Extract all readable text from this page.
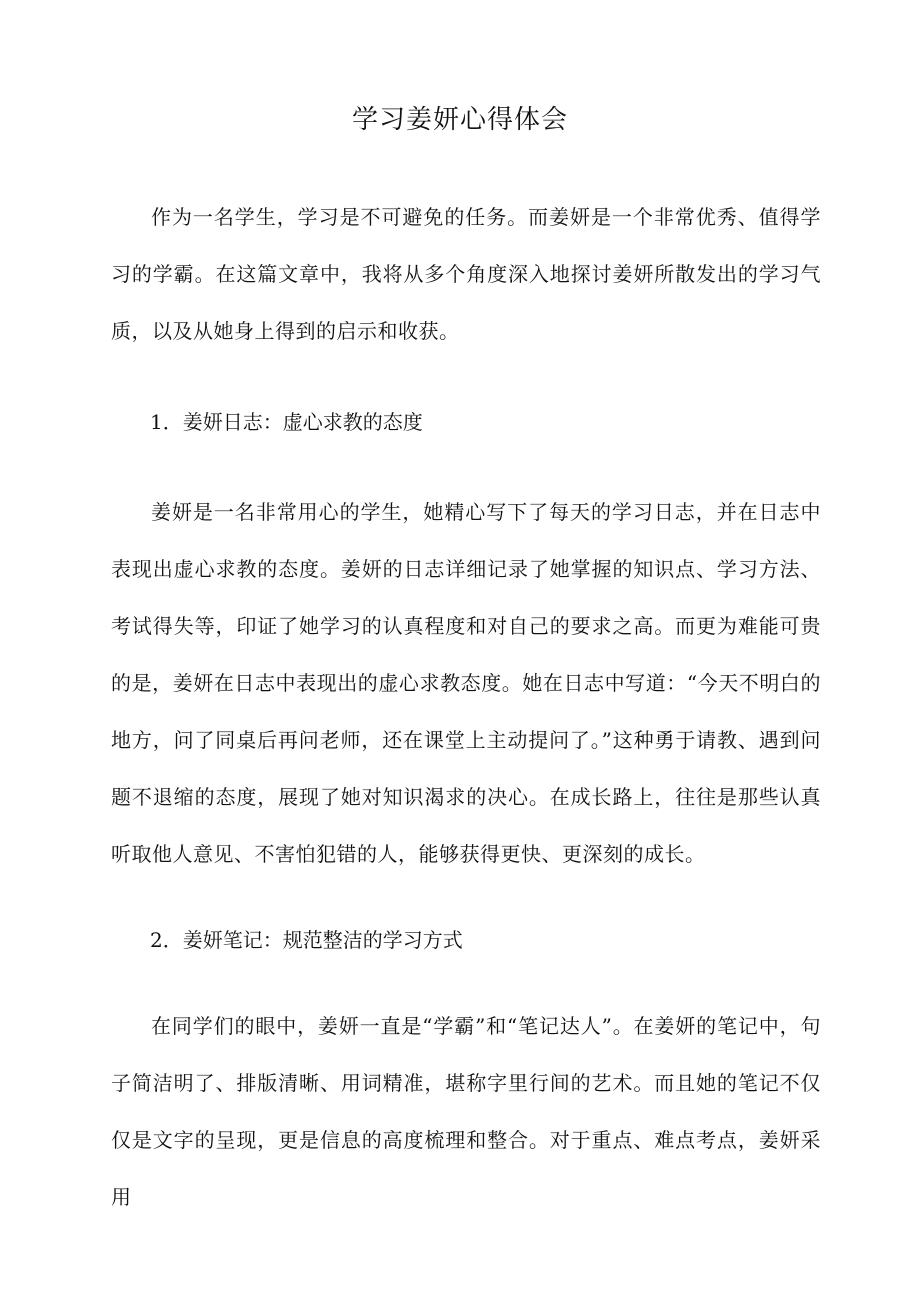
学习姜妍心得体会

作为一名学生，学习是不可避免的任务。而姜妍是一个非常优秀、值得学习的学霸。在这篇文章中，我将从多个角度深入地探讨姜妍所散发出的学习气质，以及从她身上得到的启示和收获。

1．姜妍日志：虚心求教的态度

姜妍是一名非常用心的学生，她精心写下了每天的学习日志，并在日志中表现出虚心求教的态度。姜妍的日志详细记录了她掌握的知识点、学习方法、考试得失等，印证了她学习的认真程度和对自己的要求之高。而更为难能可贵的是，姜妍在日志中表现出的虚心求教态度。她在日志中写道：“今天不明白的地方，问了同桌后再问老师，还在课堂上主动提问了。”这种勇于请教、遇到问题不退缩的态度，展现了她对知识渴求的决心。在成长路上，往往是那些认真听取他人意见、不害怕犯错的人，能够获得更快、更深刻的成长。

2．姜妍笔记：规范整洁的学习方式

在同学们的眼中，姜妍一直是“学霸”和“笔记达人”。在姜妍的笔记中，句子简洁明了、排版清晰、用词精准，堪称字里行间的艺术。而且她的笔记不仅仅是文字的呈现，更是信息的高度梳理和整合。对于重点、难点考点，姜妍采用
